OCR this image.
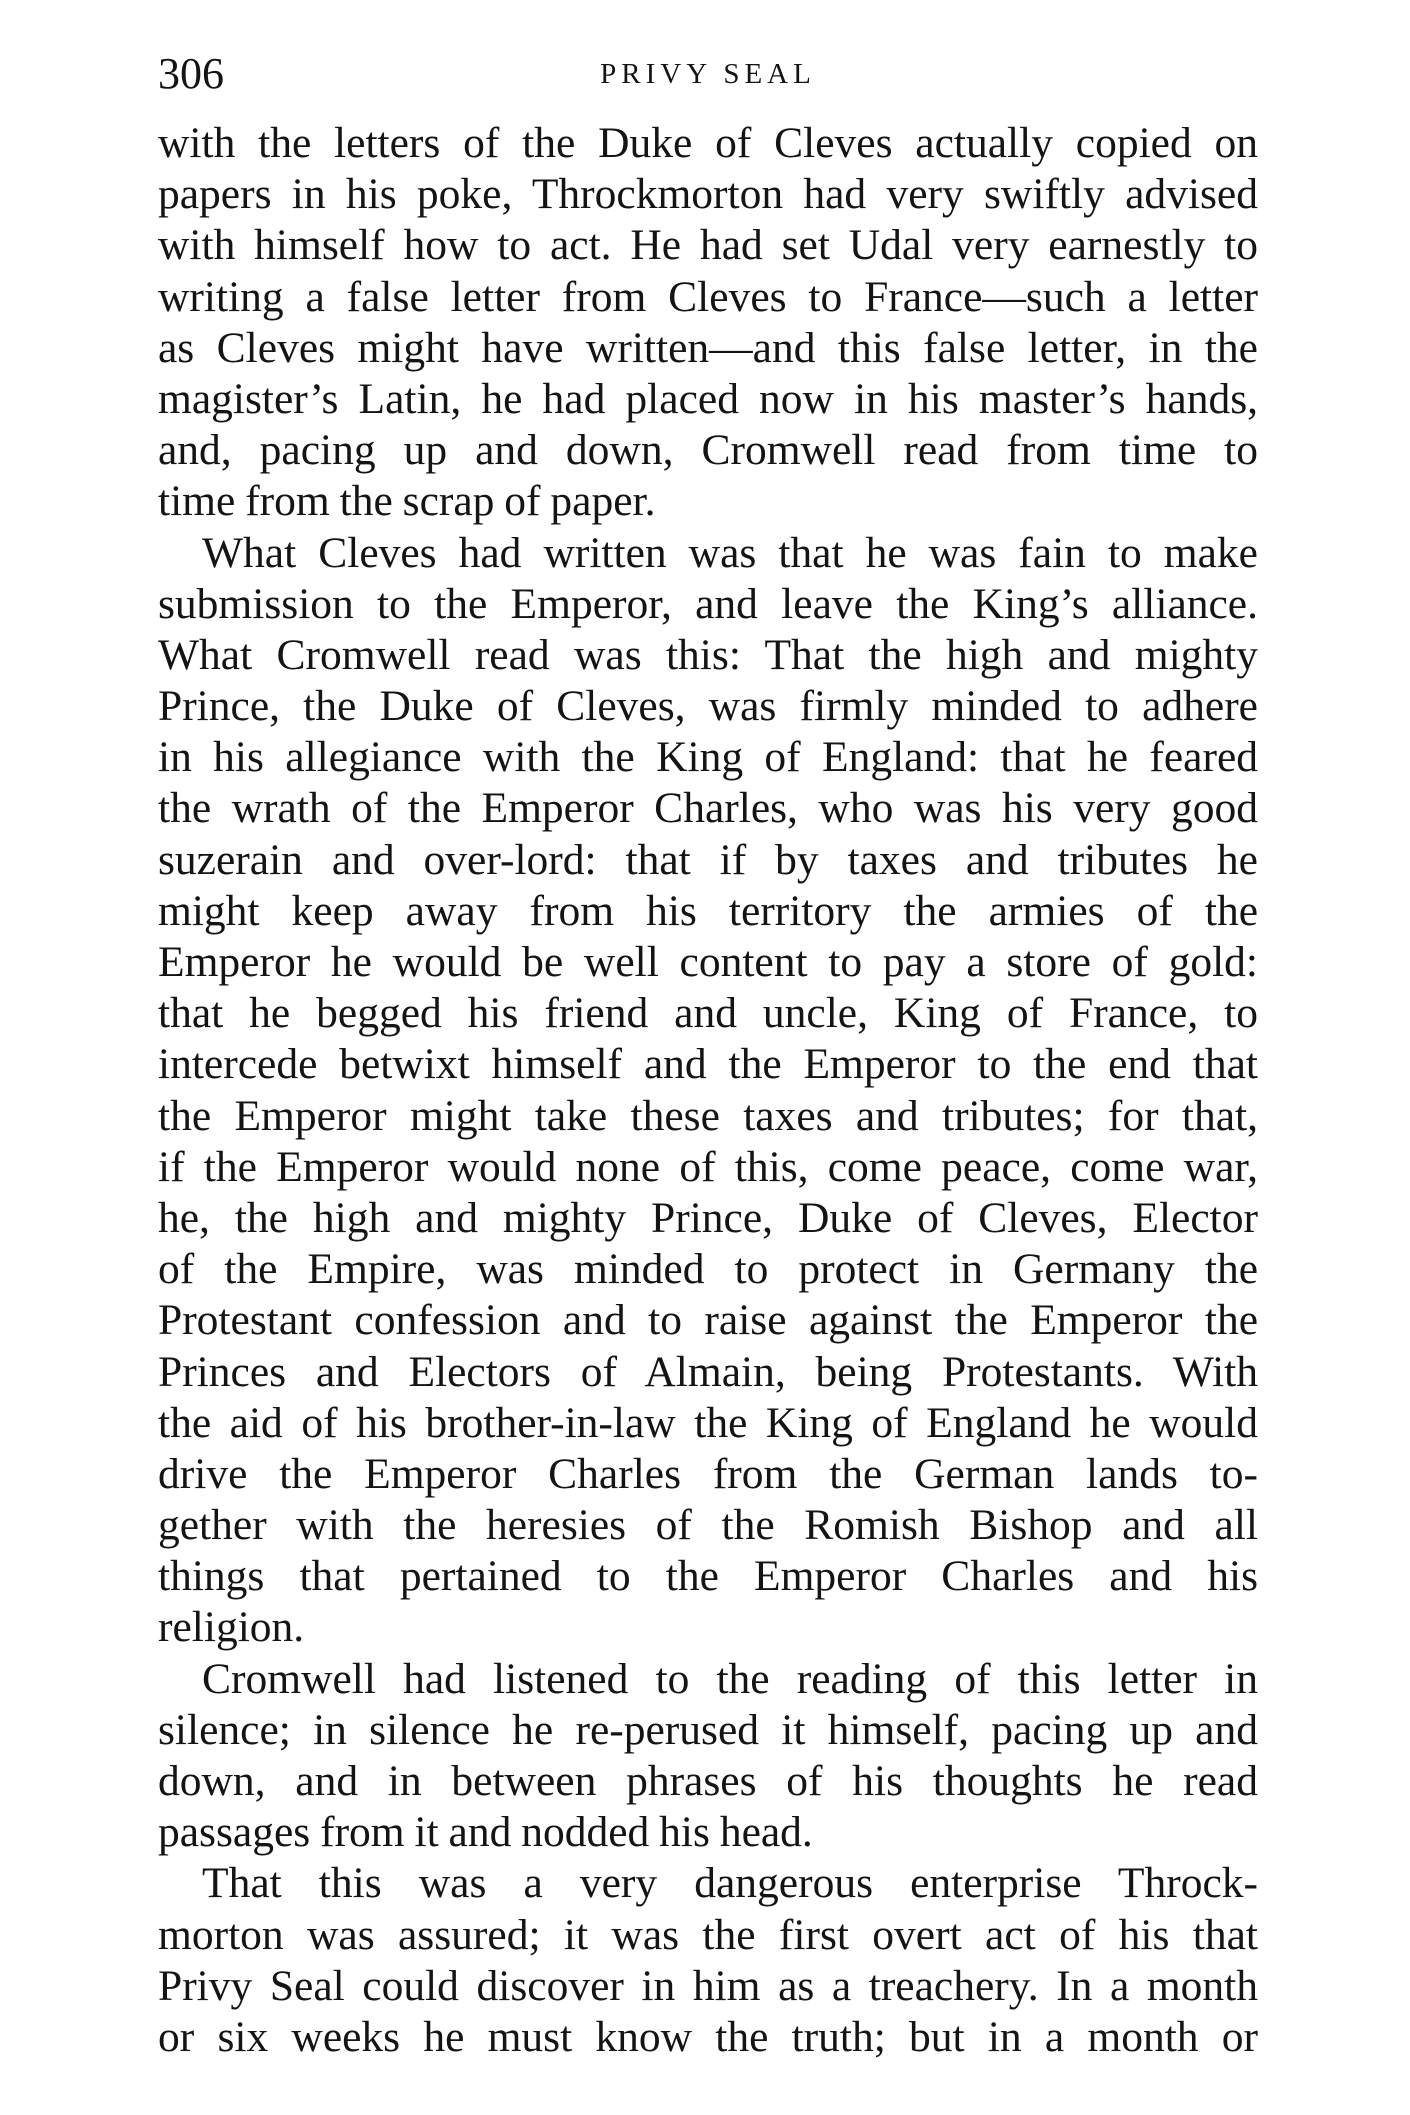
306	PRIVY SEAL
with the letters of the Duke of Cleves actually copied on
papers in his poke, Throckmorton had very swiftly advised
with himself how to act. He had set Udal very earnestly to
writing a false letter from Cleves to France—such a letter
as Cleves might have written—and this false letter, in the
magister’s Latin, he had placed now in his master’s hands,
and, pacing up and down, Cromwell read from time to
time from the scrap of paper.
What Cleves had written was that he was fain to make
submission to the Emperor, and leave the King’s alliance.
What Cromwell read was this: That the high and mighty
Prince, the Duke of Cleves, was firmly minded to adhere
in his allegiance with the King of England: that he feared
the wrath of the Emperor Charles, who was his very good
suzerain and over-lord: that if by taxes and tributes he
might keep away from his territory the armies of the
Emperor he would be well content to pay a store of gold:
that he begged his friend and uncle, King of France, to
intercede betwixt himself and the Emperor to the end that
the Emperor might take these taxes and tributes; for that,
if the Emperor would none of this, come peace, come war,
he, the high and mighty Prince, Duke of Cleves, Elector
of the Empire, was minded to protect in Germany the
Protestant confession and to raise against the Emperor the
Princes and Electors of Almain, being Protestants. With
the aid of his brother-in-law the King of England he would
drive the Emperor Charles from the German lands to-
gether with the heresies of the Romish Bishop and all
things that pertained to the Emperor Charles and his
religion.
Cromwell had listened to the reading of this letter in
silence; in silence he re-perused it himself, pacing up and
down, and in between phrases of his thoughts he read
passages from it and nodded his head.
That this was a very dangerous enterprise Throck-
morton was assured; it was the first overt act of his that
Privy Seal could discover in him as a treachery. In a month
or six weeks he must know the truth; but in a month or
